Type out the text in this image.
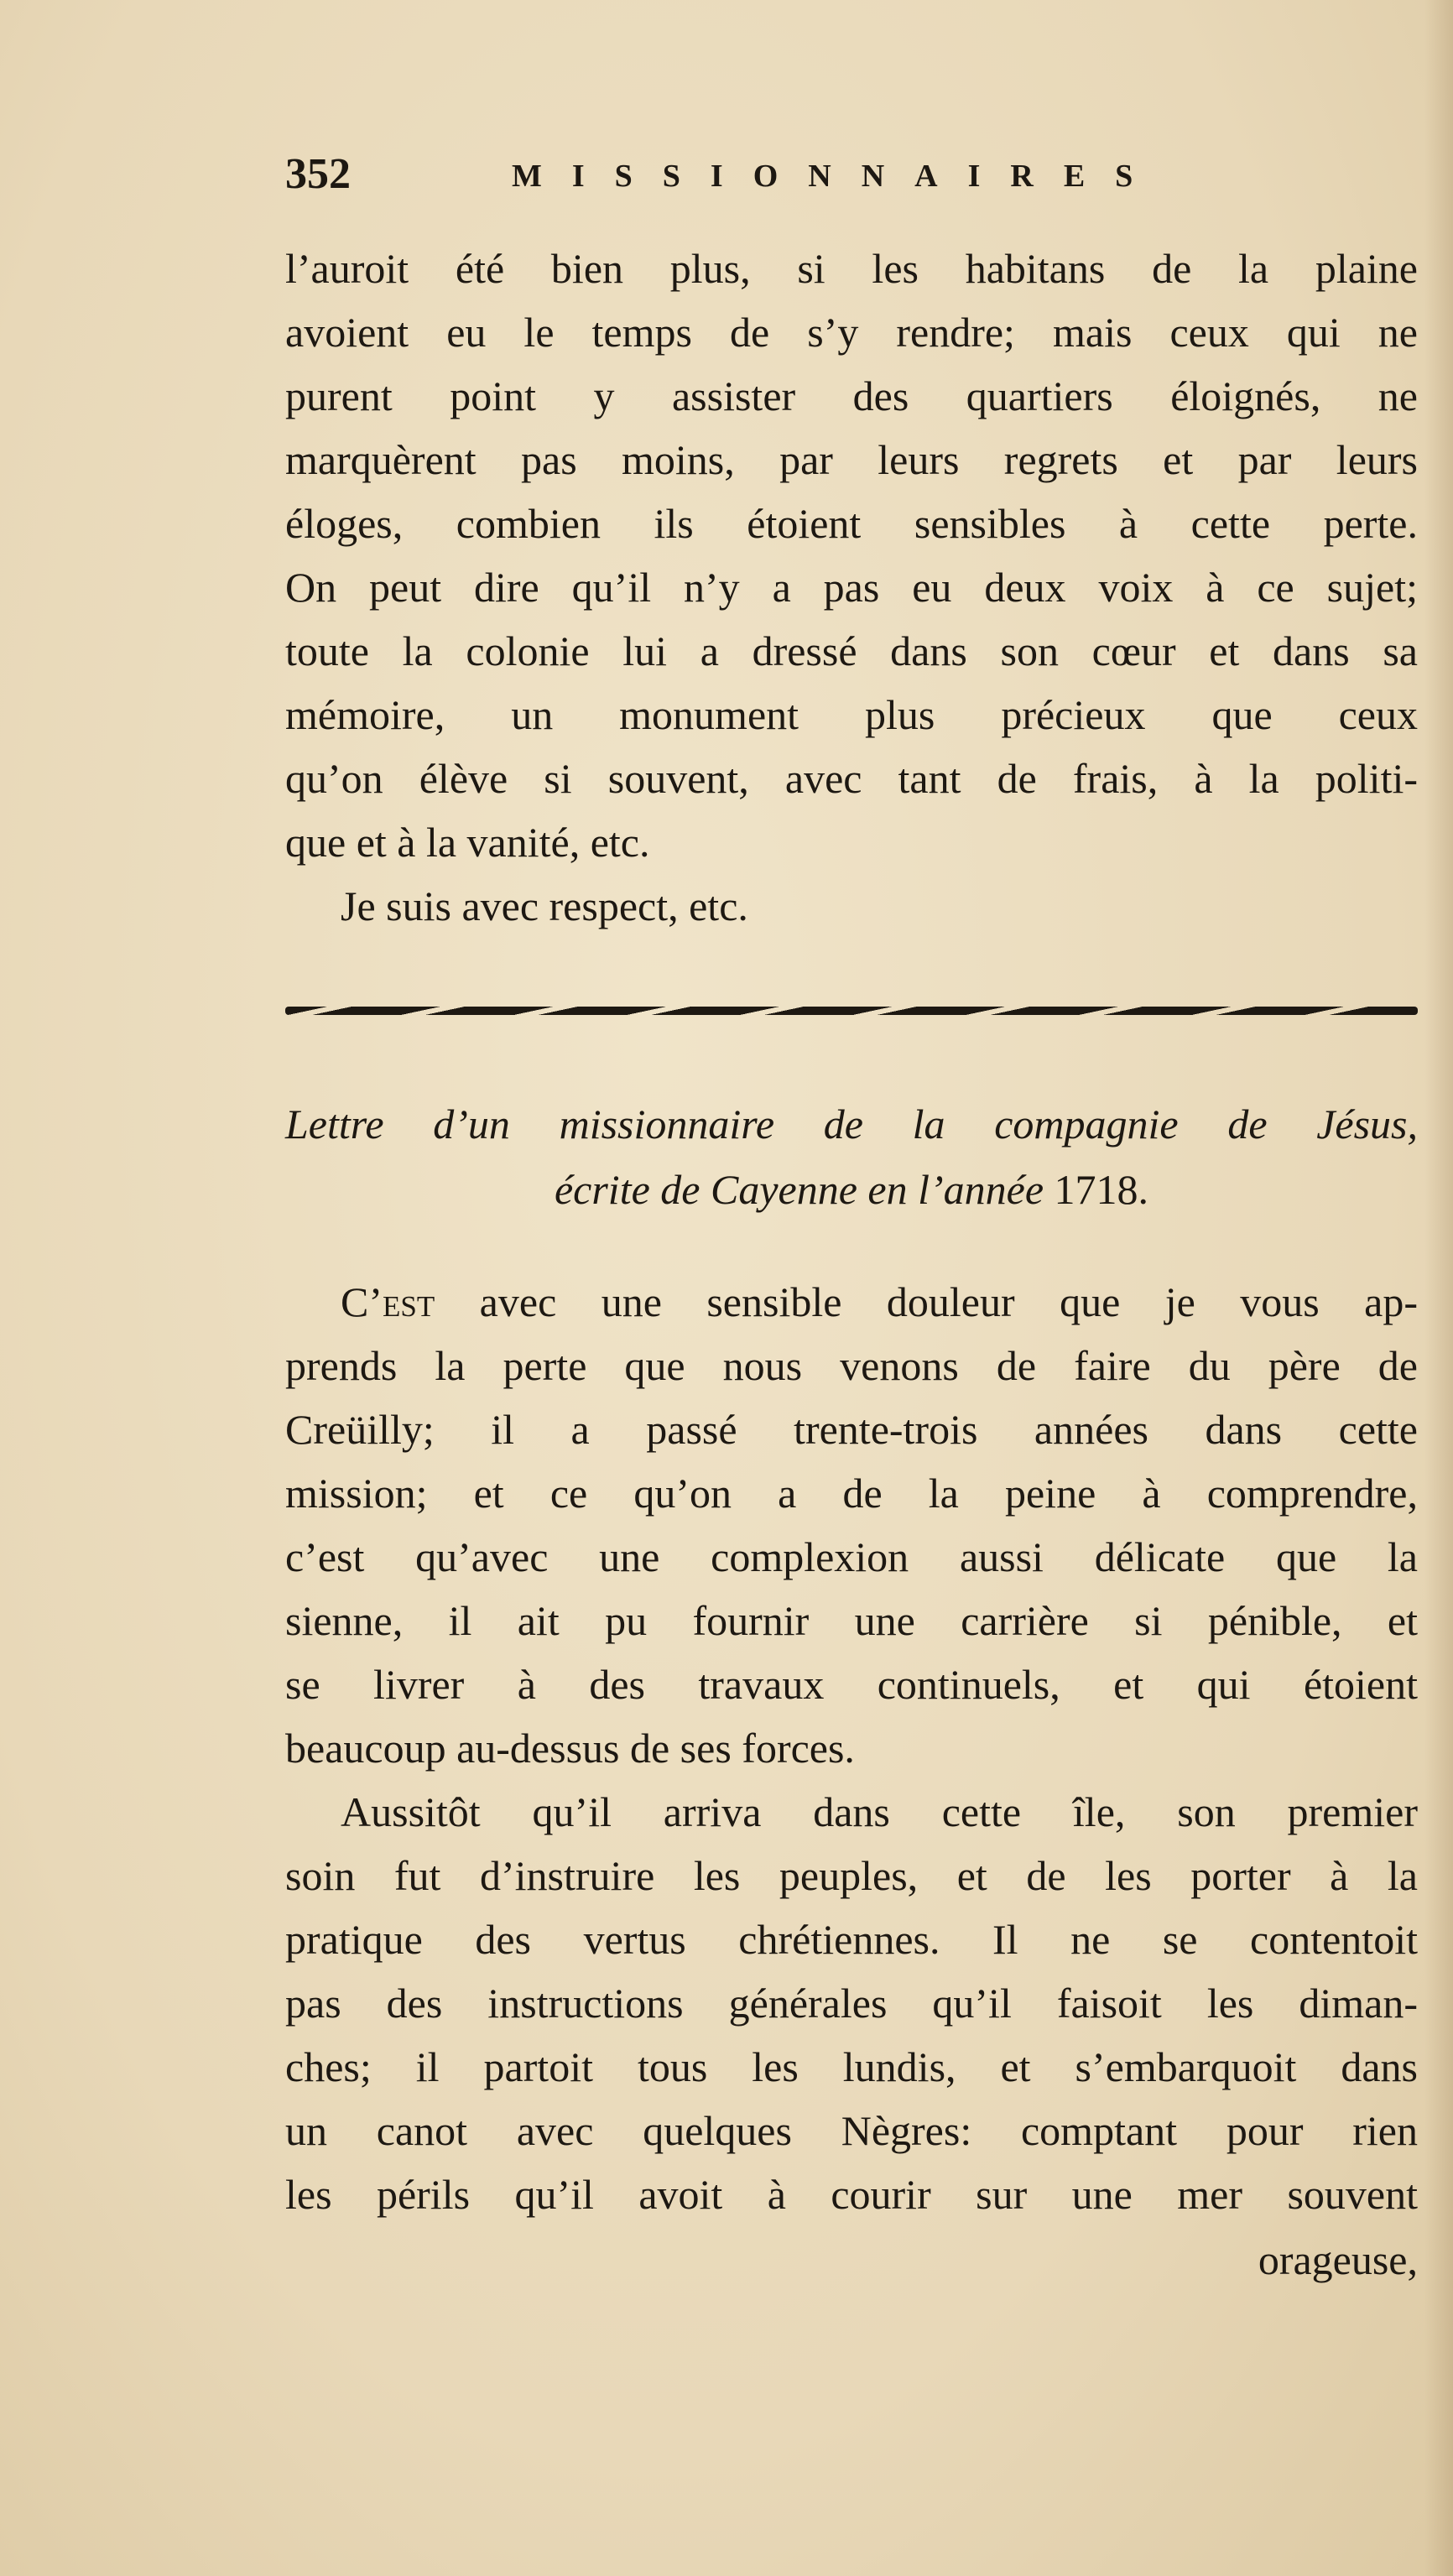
352	MISSIONNAIRES
l’auroit été bien plus, si les habitans de la plaine
avoient eu le temps de s’y rendre; mais ceux qui ne
purent point y assister des quartiers éloignés, ne
marquèrent pas moins, par leurs regrets et par leurs
éloges, combien ils étoient sensibles à cette perte.
On peut dire qu’il n’y a pas eu deux voix à ce sujet;
toute la colonie lui a dressé dans son cœur et dans sa
mémoire, un monument plus précieux que ceux
qu’on élève si souvent, avec tant de frais, à la politi-
que et à la vanité, etc.
Je suis avec respect, etc.
Lettre d’un missionnaire de la compagnie de Jésus,
écrite de Cayenne en l’année 1718.
C’est avec une sensible douleur que je vous ap-
prends la perte que nous venons de faire du père de
Creüilly; il a passé trente-trois années dans cette
mission; et ce qu’on a de la peine à comprendre,
c’est qu’avec une complexion aussi délicate que la
sienne, il ait pu fournir une carrière si pénible, et
se livrer à des travaux continuels, et qui étoient
beaucoup au-dessus de ses forces.
Aussitôt qu’il arriva dans cette île, son premier
soin fut d’instruire les peuples, et de les porter à la
pratique des vertus chrétiennes. Il ne se contentoit
pas des instructions générales qu’il faisoit les diman-
ches; il partoit tous les lundis, et s’embarquoit dans
un canot avec quelques Nègres: comptant pour rien
les périls qu’il avoit à courir sur une mer souvent
orageuse,
